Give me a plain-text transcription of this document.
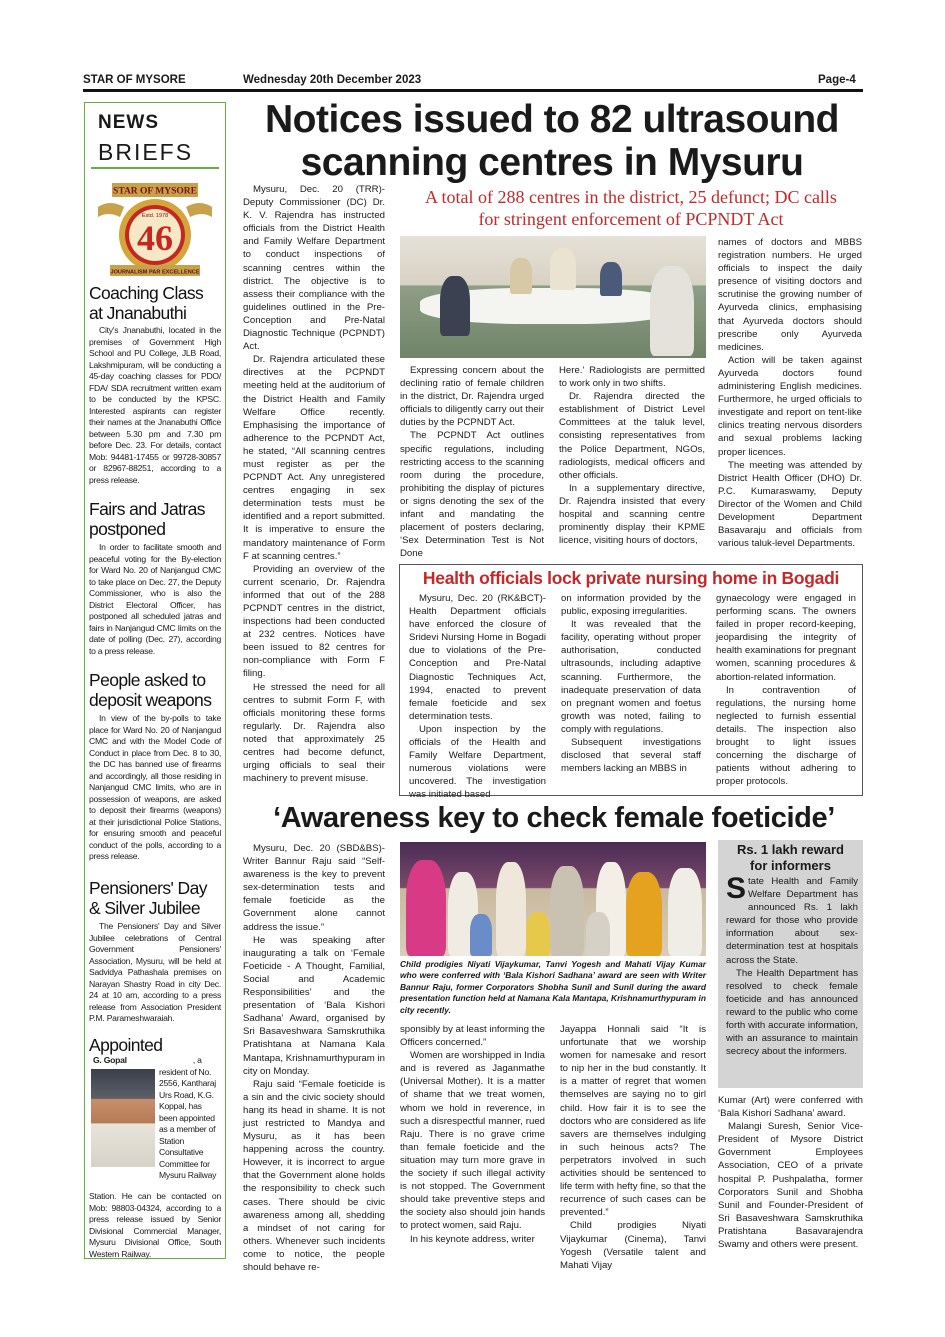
STAR OF MYSORE	Wednesday 20th December 2023	Page-4
NEWS
BRIEFS
STAR OF MYSORE
Estd. 1978
46
JOURNALISM PAR EXCELLENCE
Coaching Class at Jnanabuthi

City's Jnanabuthi, located in the premises of Government High School and PU College, JLB Road, Lakshmipuram, will be conducting a 45-day coaching classes for PDO/ FDA/ SDA recruitment written exam to be conducted by the KPSC. Interested aspirants can register their names at the Jnanabuthi Office between 5.30 pm and 7.30 pm before Dec. 23. For details, contact Mob: 94481-17455 or 99728-30857 or 82967-88251, according to a press release.

Fairs and Jatras postponed

In order to facilitate smooth and peaceful voting for the By-election for Ward No. 20 of Nanjangud CMC to take place on Dec. 27, the Deputy Commissioner, who is also the District Electoral Officer, has postponed all scheduled jatras and fairs in Nanjangud CMC limits on the date of polling (Dec. 27), according to a press release.

People asked to deposit weapons

In view of the by-polls to take place for Ward No. 20 of Nanjangud CMC and with the Model Code of Conduct in place from Dec. 8 to 30, the DC has banned use of firearms and accordingly, all those residing in Nanjangud CMC limits, who are in possession of weapons, are asked to deposit their firearms (weapons) at their jurisdictional Police Stations, for ensuring smooth and peaceful conduct of the polls, according to a press release.

Pensioners' Day & Silver Jubilee

The Pensioners' Day and Silver Jubilee celebrations of Central Government Pensioners' Association, Mysuru, will be held at Sadvidya Pathashala premises on Narayan Shastry Road in city Dec. 24 at 10 am, according to a press release from Association President P.M. Parameshwaraiah.

Appointed

G. Gopal	, a resident of No. 2556, Kantharaj Urs Road, K.G. Koppal, has been appointed as a member of Station Consultative Committee for Mysuru Railway

Station. He can be contacted on Mob: 98803-04324, according to a press release issued by Senior Divisional Commercial Manager, Mysuru Divisional Office, South Western Railway.

Notices issued to 82 ultrasound
scanning centres in Mysuru
A total of 288 centres in the district, 25 defunct; DC calls
for stringent enforcement of PCPNDT Act

Mysuru, Dec. 20 (TRR)- Deputy Commissioner (DC) Dr. K. V. Rajendra has instructed officials from the District Health and Family Welfare Department to conduct inspections of scanning centres within the district. The objective is to assess their compliance with the guidelines outlined in the Pre-Conception and Pre-Natal Diagnostic Technique (PCPNDT) Act.

Dr. Rajendra articulated these directives at the PCPNDT meeting held at the auditorium of the District Health and Family Welfare Office recently. Emphasising the importance of adherence to the PCPNDT Act, he stated, “All scanning centres must register as per the PCPNDT Act. Any unregistered centres engaging in sex determination tests must be identified and a report submitted. It is imperative to ensure the mandatory maintenance of Form F at scanning centres.”

Providing an overview of the current scenario, Dr. Rajendra informed that out of the 288 PCPNDT centres in the district, inspections had been conducted at 232 centres. Notices have been issued to 82 centres for non-compliance with Form F filing.

He stressed the need for all centres to submit Form F, with officials monitoring these forms regularly. Dr. Rajendra also noted that approximately 25 centres had become defunct, urging officials to seal their machinery to prevent misuse.

Expressing concern about the declining ratio of female children in the district, Dr. Rajendra urged officials to diligently carry out their duties by the PCPNDT Act.

The PCPNDT Act outlines specific regulations, including restricting access to the scanning room during the procedure, prohibiting the display of pictures or signs denoting the sex of the infant and mandating the placement of posters declaring, ‘Sex Determination Test is Not Done

Here.’ Radiologists are permitted to work only in two shifts.

Dr. Rajendra directed the establishment of District Level Committees at the taluk level, consisting representatives from the Police Department, NGOs, radiologists, medical officers and other officials.

In a supplementary directive, Dr. Rajendra insisted that every hospital and scanning centre prominently display their KPME licence, visiting hours of doctors,

names of doctors and MBBS registration numbers. He urged officials to inspect the daily presence of visiting doctors and scrutinise the growing number of Ayurveda clinics, emphasising that Ayurveda doctors should prescribe only Ayurveda medicines.

Action will be taken against Ayurveda doctors found administering English medicines. Furthermore, he urged officials to investigate and report on tent-like clinics treating nervous disorders and sexual problems lacking proper licences.

The meeting was attended by District Health Officer (DHO) Dr. P.C. Kumaraswamy, Deputy Director of the Women and Child Development Department Basavaraju and officials from various taluk-level Departments.

Health officials lock private nursing home in Bogadi

Mysuru, Dec. 20 (RK&BCT)- Health Department officials have enforced the closure of Sridevi Nursing Home in Bogadi due to violations of the Pre-Conception and Pre-Natal Diagnostic Techniques Act, 1994, enacted to prevent female foeticide and sex determination tests.

Upon inspection by the officials of the Health and Family Welfare Department, numerous violations were uncovered. The investigation was initiated based

on information provided by the public, exposing irregularities.

It was revealed that the facility, operating without proper authorisation, conducted ultrasounds, including adaptive scanning. Furthermore, the inadequate preservation of data on pregnant women and foetus growth was noted, failing to comply with regulations.

Subsequent investigations disclosed that several staff members lacking an MBBS in

gynaecology were engaged in performing scans. The owners failed in proper record-keeping, jeopardising the integrity of health examinations for pregnant women, scanning procedures & abortion-related information.

In contravention of regulations, the nursing home neglected to furnish essential details. The inspection also brought to light issues concerning the discharge of patients without adhering to proper protocols.

‘Awareness key to check female foeticide’

Mysuru, Dec. 20 (SBD&BS)- Writer Bannur Raju said “Self-awareness is the key to prevent sex-determination tests and female foeticide as the Government alone cannot address the issue.”

He was speaking after inaugurating a talk on ‘Female Foeticide - A Thought, Familial, Social and Academic Responsibilities’ and the presentation of ‘Bala Kishori Sadhana’ Award, organised by Sri Basaveshwara Samskruthika Pratishtana at Namana Kala Mantapa, Krishnamurthypuram in city on Monday.

Raju said “Female foeticide is a sin and the civic society should hang its head in shame. It is not just restricted to Mandya and Mysuru, as it has been happening across the country. However, it is incorrect to argue that the Government alone holds the responsibility to check such cases. There should be civic awareness among all, shedding a mindset of not caring for others. Whenever such incidents come to notice, the people should behave re-

Child prodigies Niyati Vijaykumar, Tanvi Yogesh and Mahati Vijay Kumar who were conferred with ‘Bala Kishori Sadhana’ award are seen with Writer Bannur Raju, former Corporators Shobha Sunil and Sunil during the award presentation function held at Namana Kala Mantapa, Krishnamurthypuram in city recently.

sponsibly by at least informing the Officers concerned.”

Women are worshipped in India and is revered as Jaganmathe (Universal Mother). It is a matter of shame that we treat women, whom we hold in reverence, in such a disrespectful manner, rued Raju. There is no grave crime than female foeticide and the situation may turn more grave in the society if such illegal activity is not stopped. The Government should take preventive steps and the society also should join hands to protect women, said Raju.

In his keynote address, writer

Jayappa Honnali said “It is unfortunate that we worship women for namesake and resort to nip her in the bud constantly. It is a matter of regret that women themselves are saying no to girl child. How fair it is to see the doctors who are considered as life savers are themselves indulging in such heinous acts? The perpetrators involved in such activities should be sentenced to life term with hefty fine, so that the recurrence of such cases can be prevented.”

Child prodigies Niyati Vijaykumar (Cinema), Tanvi Yogesh (Versatile talent and Mahati Vijay

Rs. 1 lakh reward
for informers

State Health and Family Welfare Department has announced Rs. 1 lakh reward for those who provide information about sex-determination test at hospitals across the State.

The Health Department has resolved to check female foeticide and has announced reward to the public who come forth with accurate information, with an assurance to maintain secrecy about the informers.

Kumar (Art) were conferred with ‘Bala Kishori Sadhana’ award.

Malangi Suresh, Senior Vice-President of Mysore District Government Employees Association, CEO of a private hospital P. Pushpalatha, former Corporators Sunil and Shobha Sunil and Founder-President of Sri Basaveshwara Samskruthika Pratishtana Basavarajendra Swamy and others were present.
